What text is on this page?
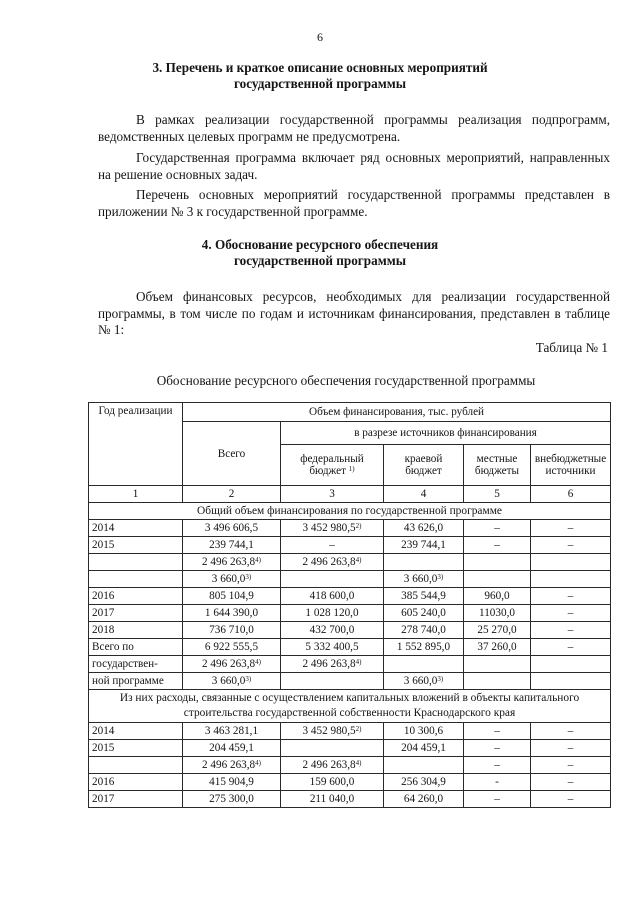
6
3. Перечень и краткое описание основных мероприятий
государственной программы
В рамках реализации государственной программы реализация подпрограмм, ведомственных целевых программ не предусмотрена.
Государственная программа включает ряд основных мероприятий, направленных на решение основных задач.
Перечень основных мероприятий государственной программы представлен в приложении № 3 к государственной программе.
4. Обоснование ресурсного обеспечения
государственной программы
Объем финансовых ресурсов, необходимых для реализации государственной программы, в том числе по годам и источникам финансирования, представлен в таблице № 1:
Таблица № 1
Обоснование ресурсного обеспечения государственной программы
Год реализации	Объем финансирования, тыс. рублей				
	Всего	в разрезе источников финансирования			
		федеральный бюджет $^{1)}$	краевой бюджет	местные бюджеты	внебюджетные источники
1	2	3	4	5	6
Общий объем финансирования по государственной программе					
2014	3 496 606,5	3 452 980,5$^{2)}$	43 626,0	–	–
2015	239 744,1	–	239 744,1	–	–
	2 496 263,8$^{4)}$	2 496 263,8$^{4)}$			
	3 660,0$^{3)}$		3 660,0$^{3)}$		
2016	805 104,9	418 600,0	385 544,9	960,0	–
2017	1 644 390,0	1 028 120,0	605 240,0	11030,0	–
2018	736 710,0	432 700,0	278 740,0	25 270,0	–
Всего по	6 922 555,5	5 332 400,5	1 552 895,0	37 260,0	–
государствен-	2 496 263,8$^{4)}$	2 496 263,8$^{4)}$			
ной программе	3 660,0$^{3)}$		3 660,0$^{3)}$		
Из них расходы, связанные с осуществлением капитальных вложений в объекты капитального строительства государственной собственности Краснодарского края					
2014	3 463 281,1	3 452 980,5$^{2)}$	10 300,6	–	–
2015	204 459,1		204 459,1	–	–
	2 496 263,8$^{4)}$	2 496 263,8$^{4)}$		–	–
2016	415 904,9	159 600,0	256 304,9	-	–
2017	275 300,0	211 040,0	64 260,0	–	–
